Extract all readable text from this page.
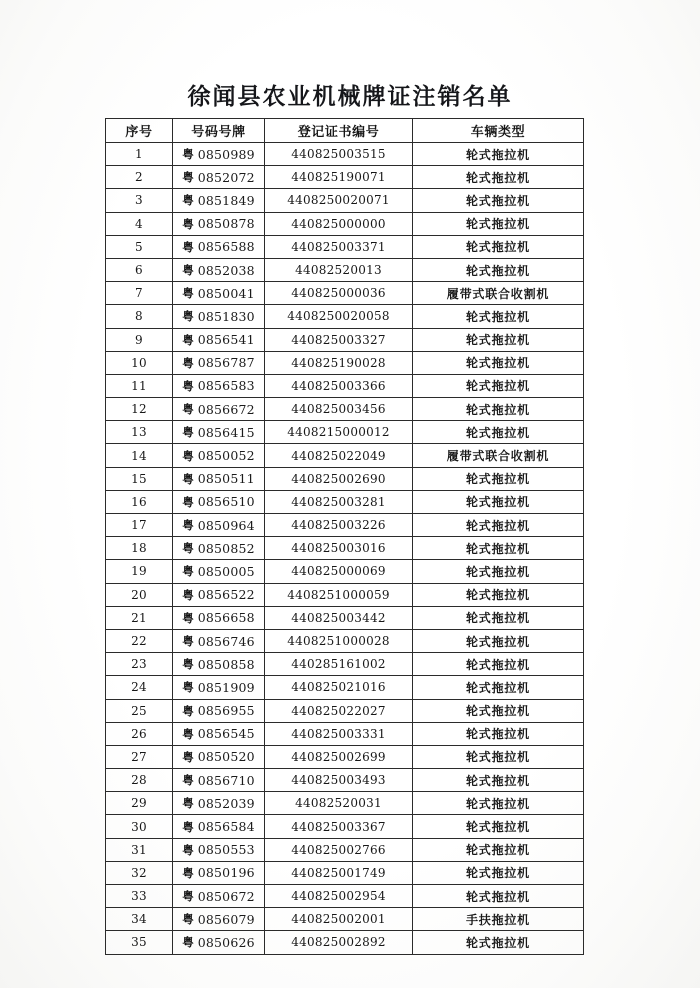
徐闻县农业机械牌证注销名单
序号	号码号牌	登记证书编号	车辆类型
1	粤 0850989	440825003515	轮式拖拉机
2	粤 0852072	440825190071	轮式拖拉机
3	粤 0851849	4408250020071	轮式拖拉机
4	粤 0850878	440825000000	轮式拖拉机
5	粤 0856588	440825003371	轮式拖拉机
6	粤 0852038	44082520013	轮式拖拉机
7	粤 0850041	440825000036	履带式联合收割机
8	粤 0851830	4408250020058	轮式拖拉机
9	粤 0856541	440825003327	轮式拖拉机
10	粤 0856787	440825190028	轮式拖拉机
11	粤 0856583	440825003366	轮式拖拉机
12	粤 0856672	440825003456	轮式拖拉机
13	粤 0856415	4408215000012	轮式拖拉机
14	粤 0850052	440825022049	履带式联合收割机
15	粤 0850511	440825002690	轮式拖拉机
16	粤 0856510	440825003281	轮式拖拉机
17	粤 0850964	440825003226	轮式拖拉机
18	粤 0850852	440825003016	轮式拖拉机
19	粤 0850005	440825000069	轮式拖拉机
20	粤 0856522	4408251000059	轮式拖拉机
21	粤 0856658	440825003442	轮式拖拉机
22	粤 0856746	4408251000028	轮式拖拉机
23	粤 0850858	440285161002	轮式拖拉机
24	粤 0851909	440825021016	轮式拖拉机
25	粤 0856955	440825022027	轮式拖拉机
26	粤 0856545	440825003331	轮式拖拉机
27	粤 0850520	440825002699	轮式拖拉机
28	粤 0856710	440825003493	轮式拖拉机
29	粤 0852039	44082520031	轮式拖拉机
30	粤 0856584	440825003367	轮式拖拉机
31	粤 0850553	440825002766	轮式拖拉机
32	粤 0850196	440825001749	轮式拖拉机
33	粤 0850672	440825002954	轮式拖拉机
34	粤 0856079	440825002001	手扶拖拉机
35	粤 0850626	440825002892	轮式拖拉机
